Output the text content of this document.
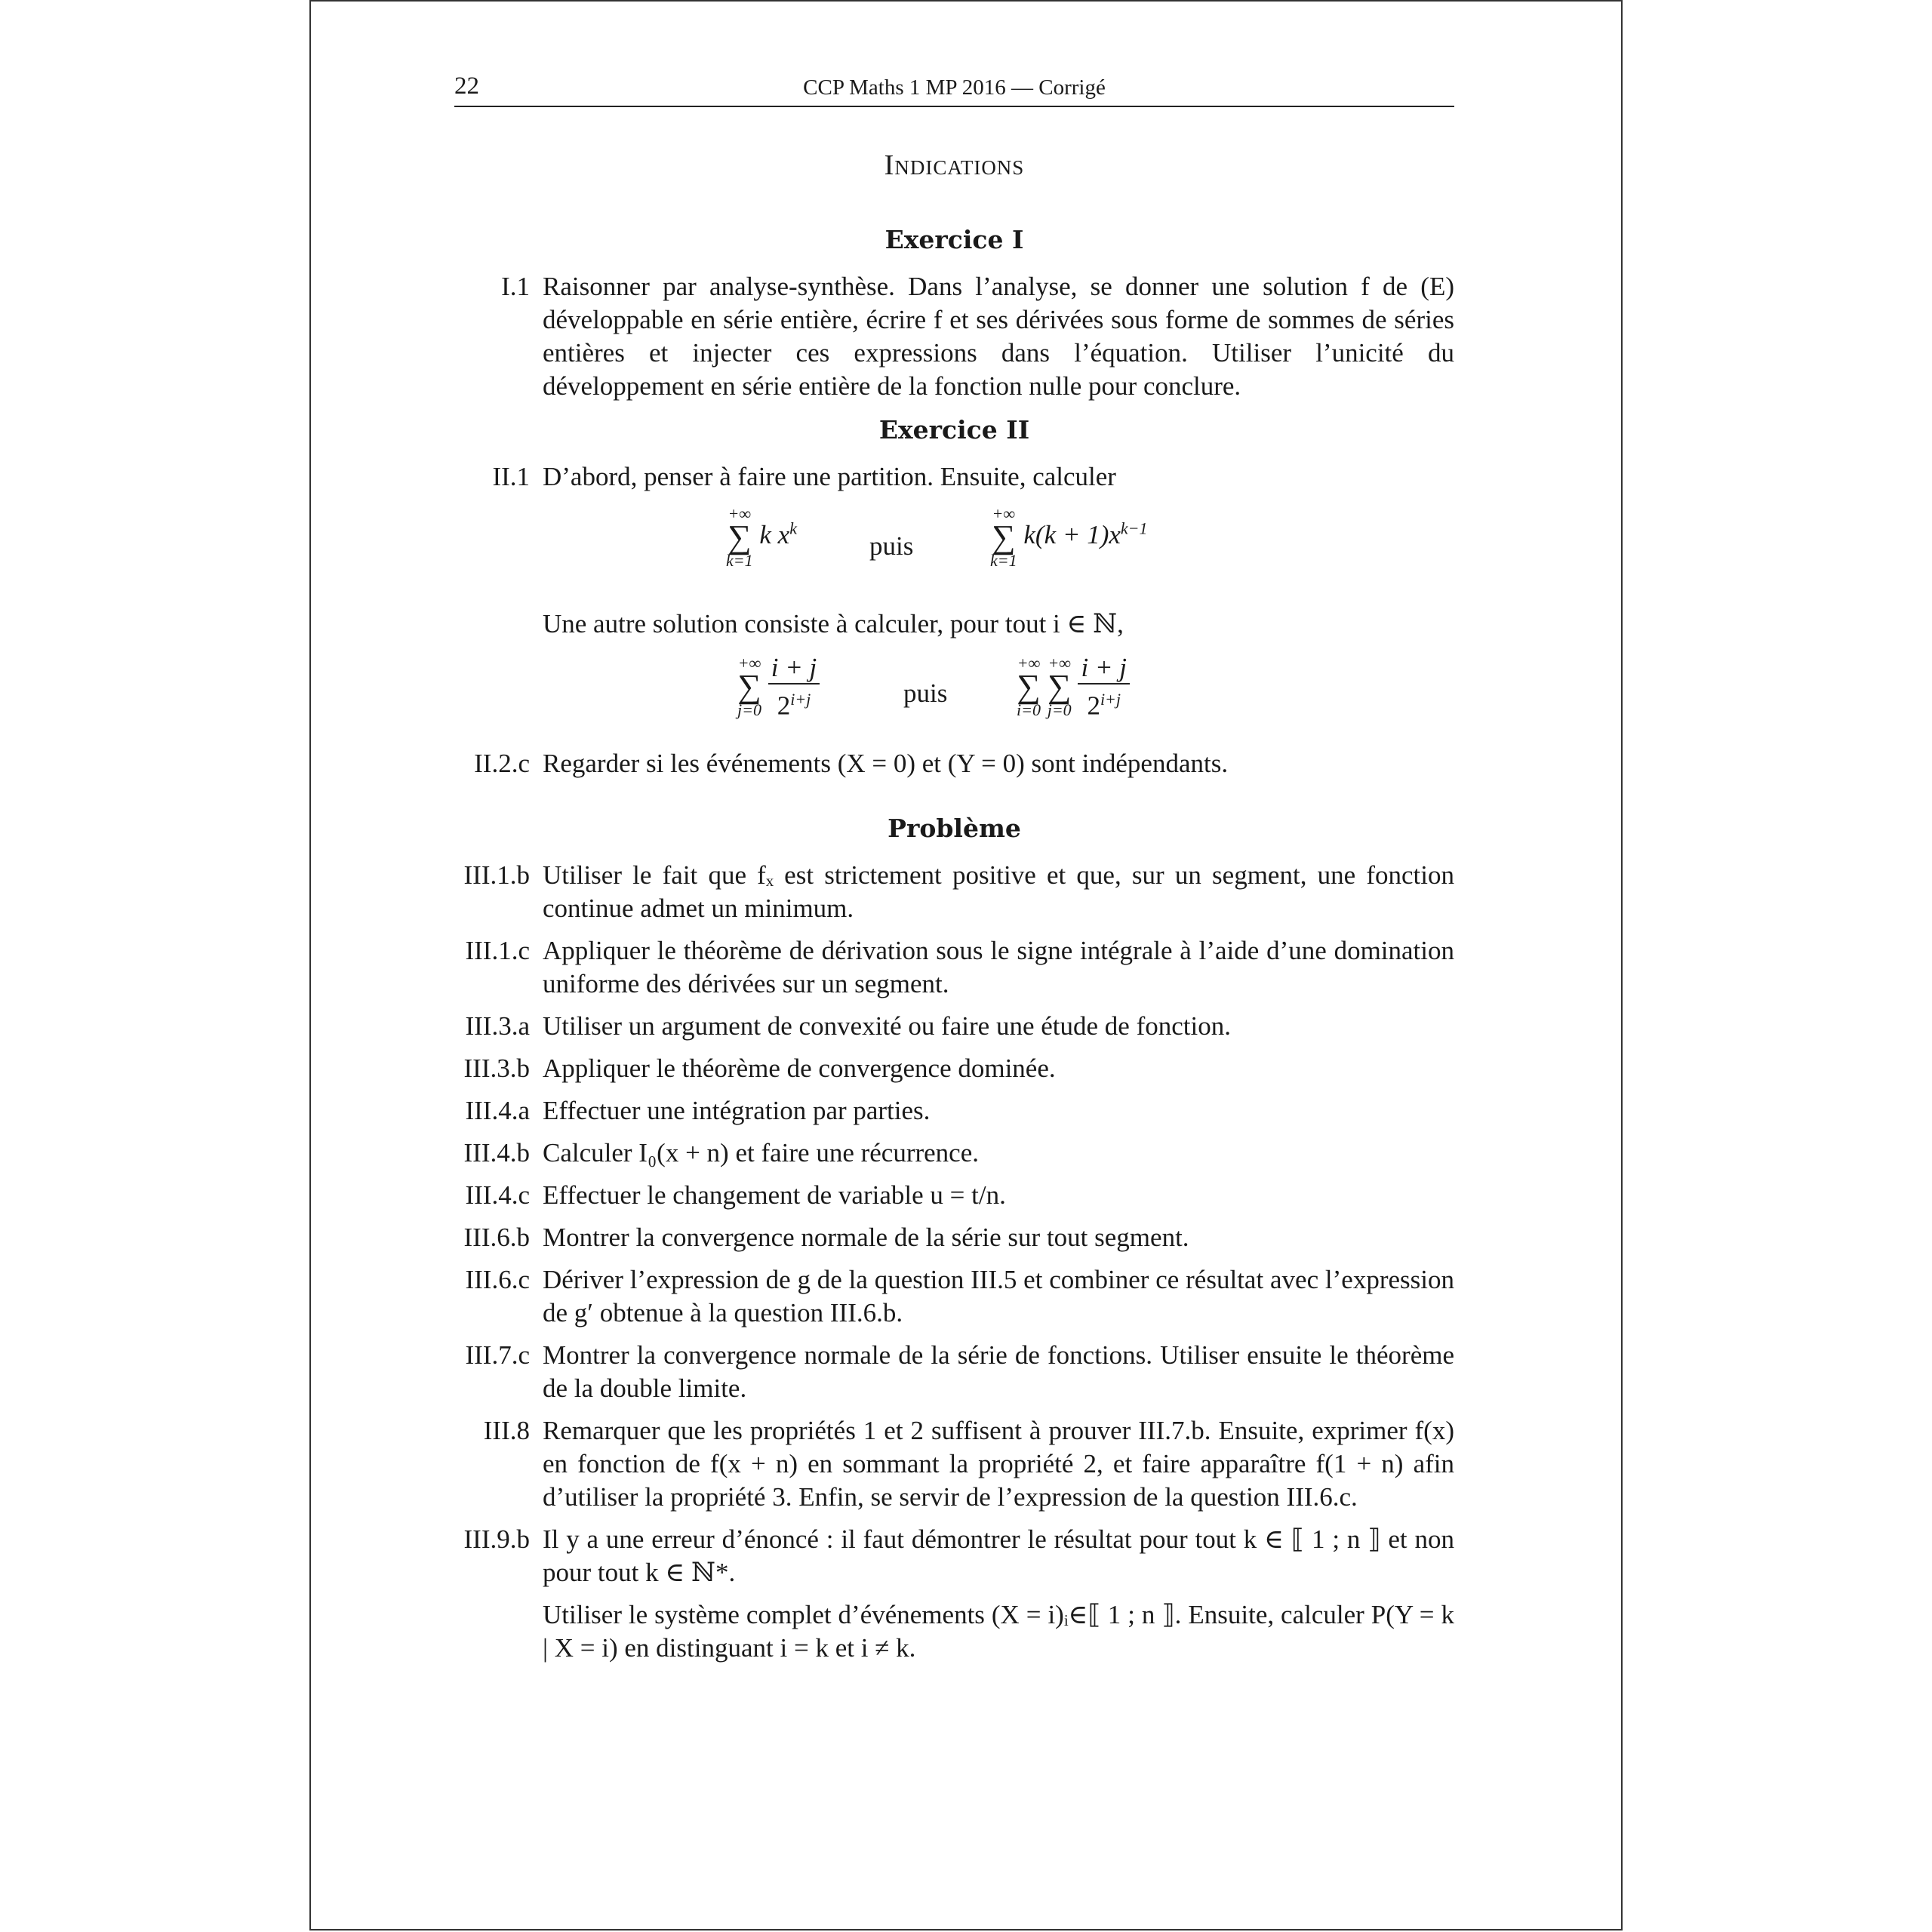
22	CCP Maths 1 MP 2016 — Corrigé
Indications
Exercice I
I.1 Raisonner par analyse-synthèse. Dans l’analyse, se donner une solution f de (E) développable en série entière, écrire f et ses dérivées sous forme de sommes de séries entières et injecter ces expressions dans l’équation. Utiliser l’unicité du développement en série entière de la fonction nulle pour conclure.
Exercice II
II.1 D’abord, penser à faire une partition. Ensuite, calculer
+∞
∑
k=1
k $x^k$
puis
+∞
∑
k=1
$k(k + 1)x^{k-1}$
Une autre solution consiste à calculer, pour tout i ∈ ℕ,
+∞
∑
j=0
$\frac{i + j}{2^{i+j}}$	puis
+∞
∑
i=0

+∞
∑
j=0
$\frac{i + j}{2^{i+j}}$
II.2.c Regarder si les événements (X = 0) et (Y = 0) sont indépendants.
Problème
III.1.b Utiliser le fait que fₓ est strictement positive et que, sur un segment, une fonction continue admet un minimum.
III.1.c Appliquer le théorème de dérivation sous le signe intégrale à l’aide d’une domination uniforme des dérivées sur un segment.
III.3.a Utiliser un argument de convexité ou faire une étude de fonction.
III.3.b Appliquer le théorème de convergence dominée.
III.4.a Effectuer une intégration par parties.
III.4.b Calculer I₀(x + n) et faire une récurrence.
III.4.c Effectuer le changement de variable u = t/n.
III.6.b Montrer la convergence normale de la série sur tout segment.
III.6.c Dériver l’expression de g de la question III.5 et combiner ce résultat avec l’expression de g′ obtenue à la question III.6.b.
III.7.c Montrer la convergence normale de la série de fonctions. Utiliser ensuite le théorème de la double limite.
III.8 Remarquer que les propriétés 1 et 2 suffisent à prouver III.7.b. Ensuite, exprimer f(x) en fonction de f(x + n) en sommant la propriété 2, et faire apparaître f(1 + n) afin d’utiliser la propriété 3. Enfin, se servir de l’expression de la question III.6.c.
III.9.b Il y a une erreur d’énoncé : il faut démontrer le résultat pour tout k ∈ ⟦ 1 ; n ⟧ et non pour tout k ∈ ℕ*.
Utiliser le système complet d’événements (X = i)ᵢ∈⟦ 1 ; n ⟧. Ensuite, calculer P(Y = k | X = i) en distinguant i = k et i ≠ k.
